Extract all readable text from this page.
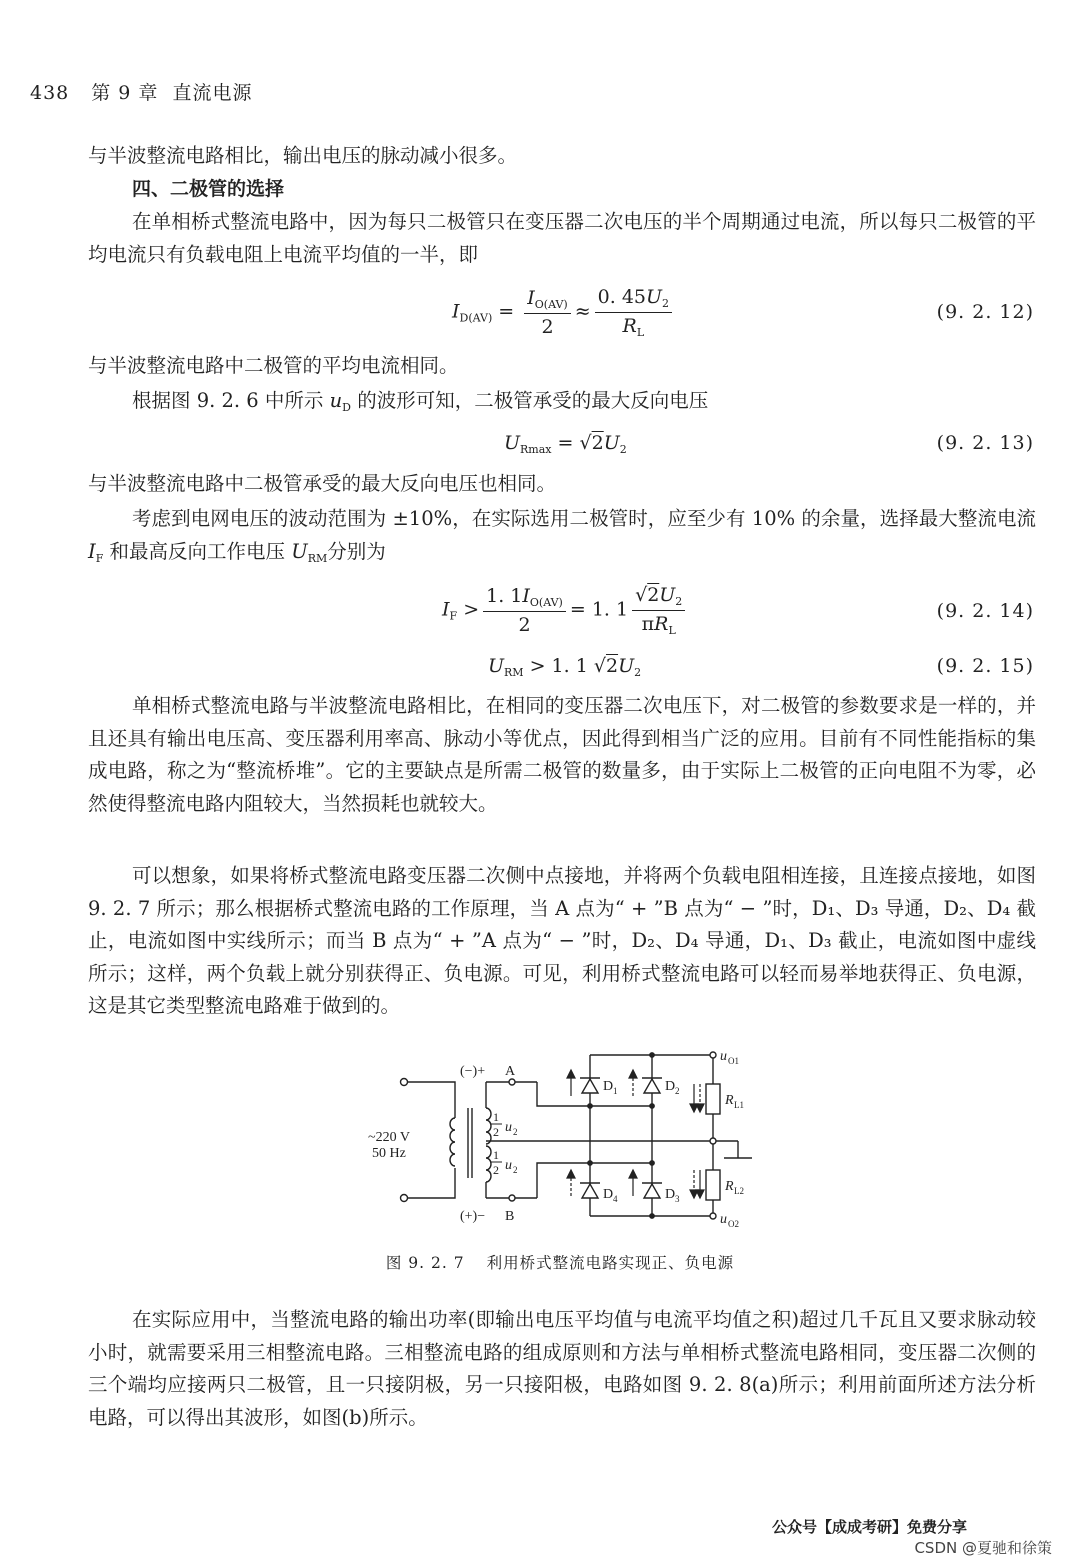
438 第 9 章 直流电源
与半波整流电路相比，输出电压的脉动减小很多。
四、二极管的选择
在单相桥式整流电路中，因为每只二极管只在变压器二次电压的半个周期通过电流，所以每只二极管的平均电流只有负载电阻上电流平均值的一半，即
$I_{D(AV)} = \frac{I_{O(AV)}}{2} \approx \frac{0. 45U_2}{R_L}$	(9. 2. 12)
与半波整流电路中二极管的平均电流相同。
根据图 9. 2. 6 中所示 $u_D$ 的波形可知，二极管承受的最大反向电压
$U_{Rmax} = √2U_2$	(9. 2. 13)
与半波整流电路中二极管承受的最大反向电压也相同。
考虑到电网电压的波动范围为 ±10%，在实际选用二极管时，应至少有 10% 的余量，选择最大整流电流 $I_F$ 和最高反向工作电压 $U_{RM}$分别为
$I_F > \frac{1. 1I_{O(AV)}}{2} = 1$. $1 \frac{√2U_2}{\pi R_L}$	(9. 2. 14)
$U_{RM} > 1$. 1 $√2U_2$	(9. 2. 15)
单相桥式整流电路与半波整流电路相比，在相同的变压器二次电压下，对二极管的参数要求是一样的，并且还具有输出电压高、变压器利用率高、脉动小等优点，因此得到相当广泛的应用。目前有不同性能指标的集成电路，称之为“整流桥堆”。它的主要缺点是所需二极管的数量多，由于实际上二极管的正向电阻不为零，必然使得整流电路内阻较大，当然损耗也就较大。
可以想象，如果将桥式整流电路变压器二次侧中点接地，并将两个负载电阻相连接，且连接点接地，如图 9. 2. 7 所示；那么根据桥式整流电路的工作原理，当 A 点为“ + ”B 点为“ − ”时，D₁、D₃ 导通，D₂、D₄ 截止，电流如图中实线所示；而当 B 点为“ + ”A 点为“ − ”时，D₂、D₄ 导通，D₁、D₃ 截止，电流如图中虚线所示；这样，两个负载上就分别获得正、负电源。可见，利用桥式整流电路可以轻而易举地获得正、负电源，这是其它类型整流电路难于做到的。
~220 V
50 Hz
(−)+ A
(+)− B
1
2 u 2
1
2 u 2
D 1	D 2
D 4	D 3
R L1
R L2
u O1
u O2
图 9. 2. 7 利用桥式整流电路实现正、负电源
在实际应用中，当整流电路的输出功率(即输出电压平均值与电流平均值之积)超过几千瓦且又要求脉动较小时，就需要采用三相整流电路。三相整流电路的组成原则和方法与单相桥式整流电路相同，变压器二次侧的三个端均应接两只二极管，且一只接阴极，另一只接阳极，电路如图 9. 2. 8(a)所示；利用前面所述方法分析电路，可以得出其波形，如图(b)所示。
公众号【成成考研】免费分享
CSDN @夏驰和徐策
